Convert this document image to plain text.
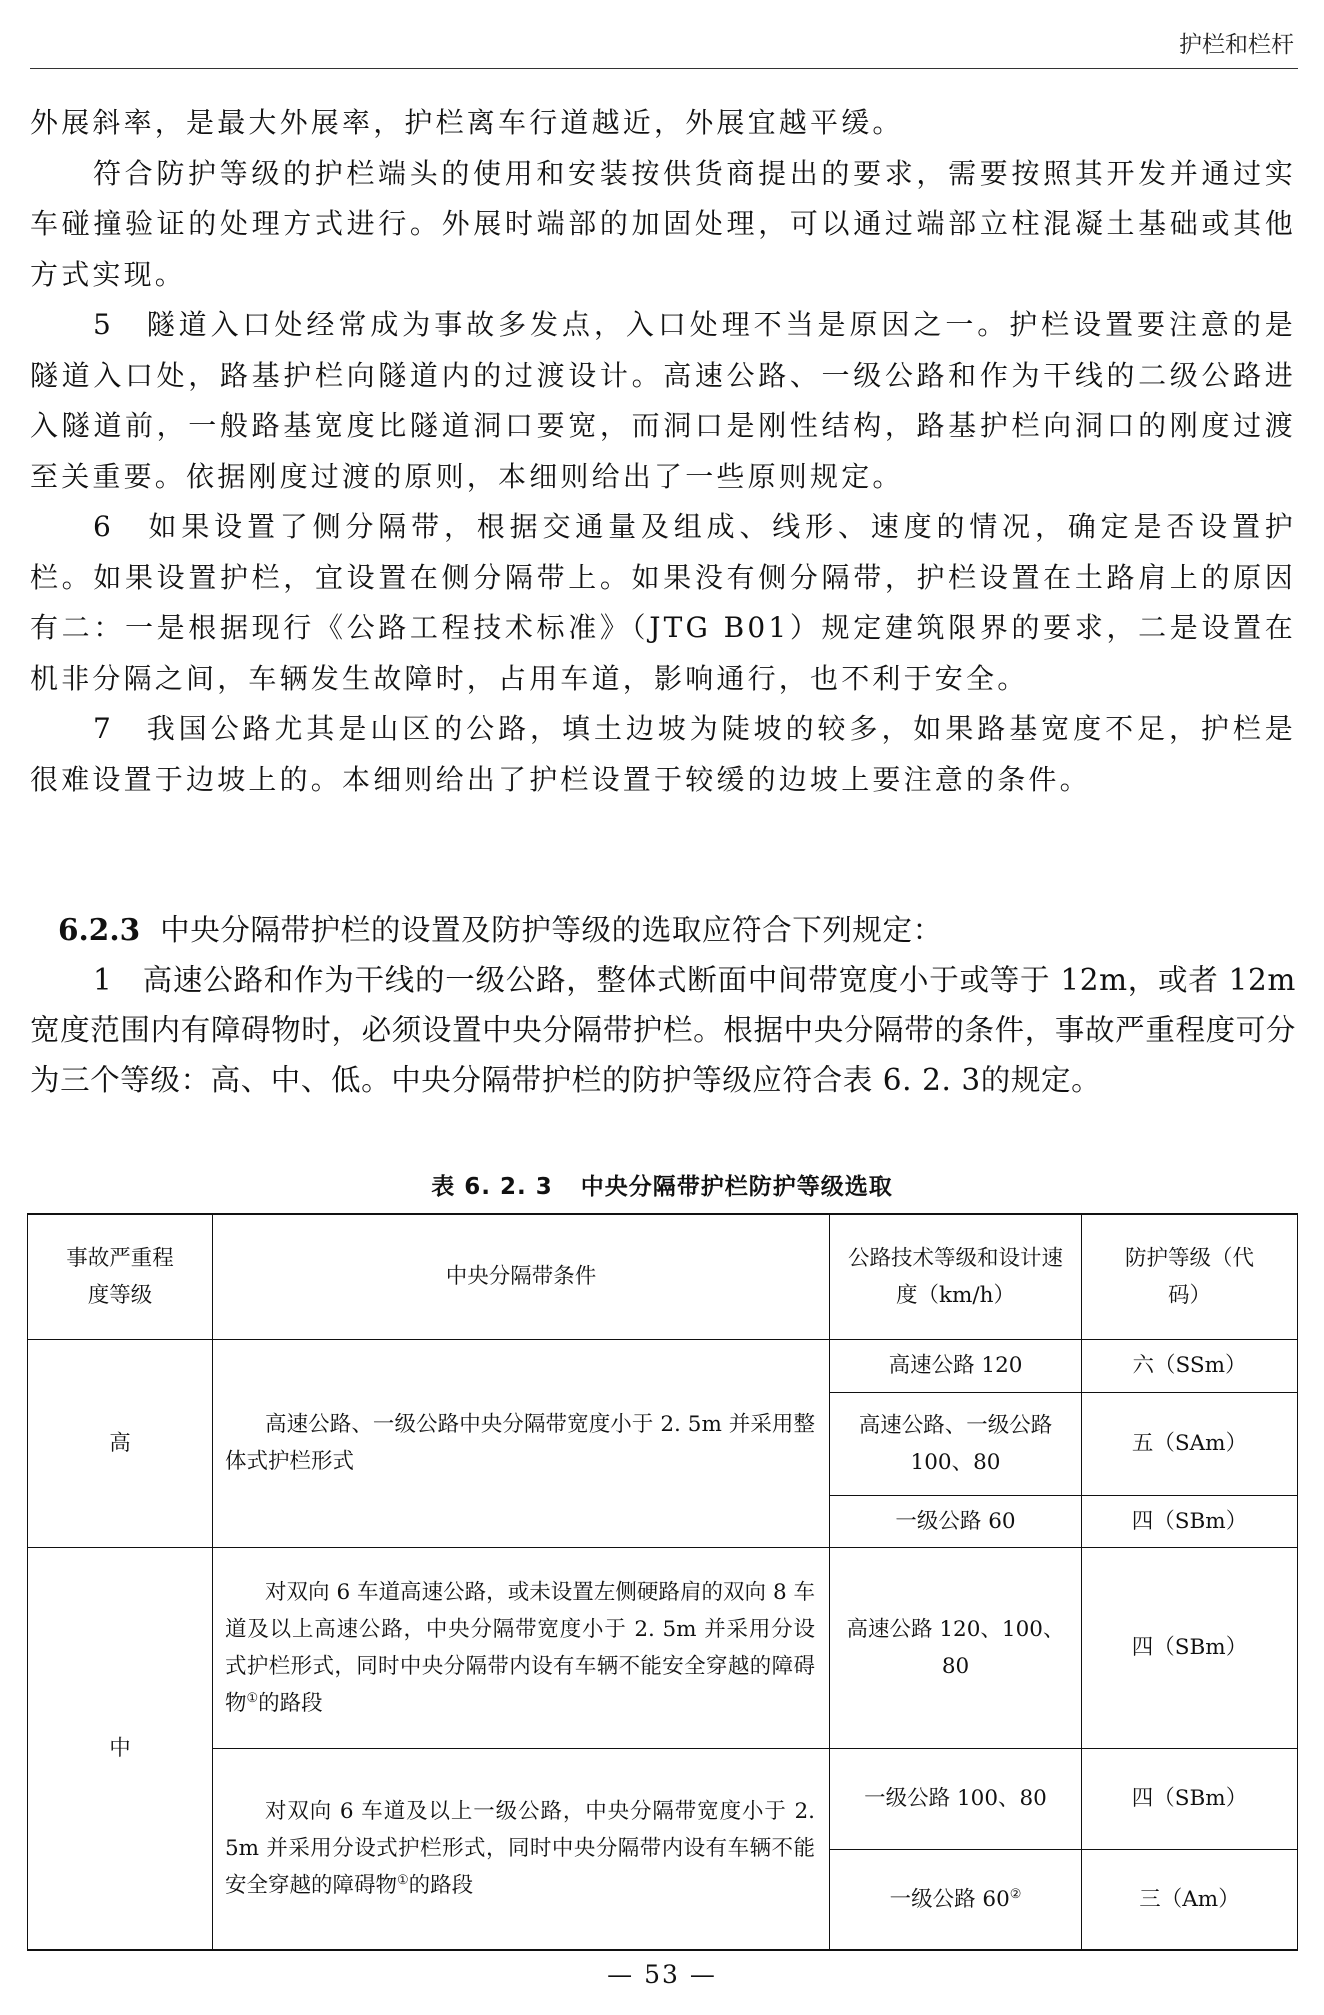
护栏和栏杆

外展斜率，是最大外展率，护栏离车行道越近，外展宜越平缓。

符合防护等级的护栏端头的使用和安装按供货商提出的要求，需要按照其开发并通过实车碰撞验证的处理方式进行。外展时端部的加固处理，可以通过端部立柱混凝土基础或其他方式实现。

5　隧道入口处经常成为事故多发点，入口处理不当是原因之一。护栏设置要注意的是隧道入口处，路基护栏向隧道内的过渡设计。高速公路、一级公路和作为干线的二级公路进入隧道前，一般路基宽度比隧道洞口要宽，而洞口是刚性结构，路基护栏向洞口的刚度过渡至关重要。依据刚度过渡的原则，本细则给出了一些原则规定。

6　如果设置了侧分隔带，根据交通量及组成、线形、速度的情况，确定是否设置护栏。如果设置护栏，宜设置在侧分隔带上。如果没有侧分隔带，护栏设置在土路肩上的原因有二：一是根据现行《公路工程技术标准》（JTG B01）规定建筑限界的要求，二是设置在机非分隔之间，车辆发生故障时，占用车道，影响通行，也不利于安全。

7　我国公路尤其是山区的公路，填土边坡为陡坡的较多，如果路基宽度不足，护栏是很难设置于边坡上的。本细则给出了护栏设置于较缓的边坡上要注意的条件。

6.2.3 中央分隔带护栏的设置及防护等级的选取应符合下列规定：

1　高速公路和作为干线的一级公路，整体式断面中间带宽度小于或等于 12m，或者 12m 宽度范围内有障碍物时，必须设置中央分隔带护栏。根据中央分隔带的条件，事故严重程度可分为三个等级：高、中、低。中央分隔带护栏的防护等级应符合表 6. 2. 3的规定。

表 6. 2. 3 中央分隔带护栏防护等级选取
事故严重程度等级	中央分隔带条件	公路技术等级和设计速度（km/h）	防护等级（代码）
高	高速公路、一级公路中央分隔带宽度小于 2. 5m 并采用整体式护栏形式	高速公路 120	六（SSm）
		高速公路、一级公路 100、80	五（SAm）
		一级公路 60	四（SBm）
中	对双向 6 车道高速公路，或未设置左侧硬路肩的双向 8 车道及以上高速公路，中央分隔带宽度小于 2. 5m 并采用分设式护栏形式，同时中央分隔带内设有车辆不能安全穿越的障碍物①的路段	高速公路 120、100、80	四（SBm）

	对双向 6 车道及以上一级公路，中央分隔带宽度小于 2. 5m 并采用分设式护栏形式，同时中央分隔带内设有车辆不能安全穿越的障碍物①的路段	一级公路 100、80	四（SBm）
		一级公路 60②	三（Am）
— 53 —
